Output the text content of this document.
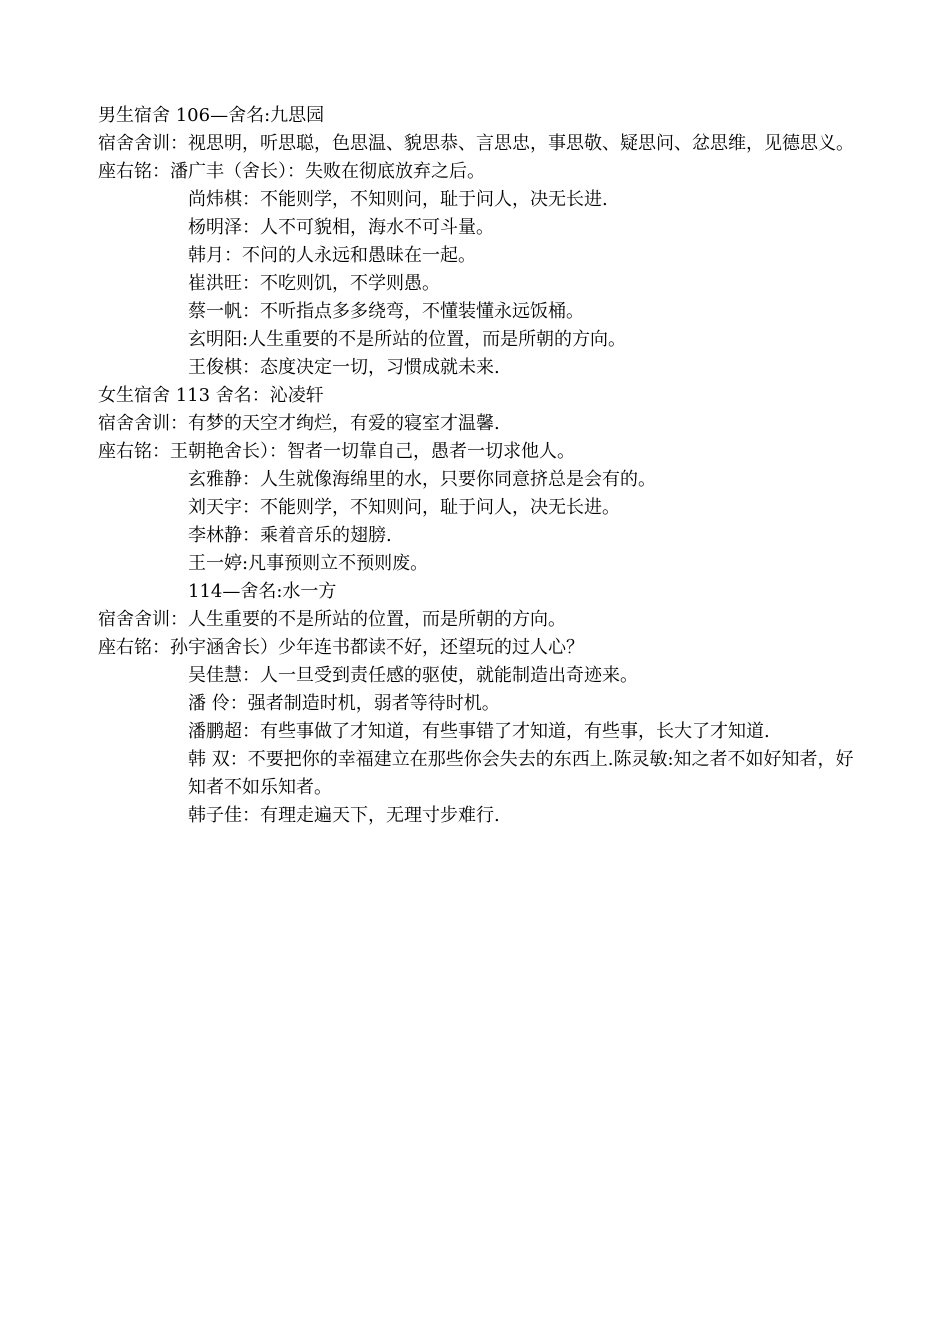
男生宿舍 106—舍名:九思园
宿舍舍训：视思明，听思聪，色思温、貌思恭、言思忠，事思敬、疑思问、忿思维，见德思义。
座右铭：潘广丰（舍长）：失败在彻底放弃之后。
尚炜棋：不能则学，不知则问，耻于问人，决无长进.
杨明泽：人不可貌相，海水不可斗量。
韩月：不问的人永远和愚昧在一起。
崔洪旺：不吃则饥，不学则愚。
蔡一帆：不听指点多多绕弯，不懂装懂永远饭桶。
玄明阳:人生重要的不是所站的位置，而是所朝的方向。
王俊棋：态度决定一切，习惯成就未来.
女生宿舍 113 舍名：沁凌轩
宿舍舍训：有梦的天空才绚烂，有爱的寝室才温馨.
座右铭：王朝艳舍长）：智者一切靠自己，愚者一切求他人。
玄雅静：人生就像海绵里的水，只要你同意挤总是会有的。
刘天宇：不能则学，不知则问，耻于问人，决无长进。
李林静：乘着音乐的翅膀.
王一婷:凡事预则立不预则废。
114—舍名:水一方
宿舍舍训：人生重要的不是所站的位置，而是所朝的方向。
座右铭：孙宇涵舍长）少年连书都读不好，还望玩的过人心？
吴佳慧：人一旦受到责任感的驱使，就能制造出奇迹来。
潘 伶：强者制造时机，弱者等待时机。
潘鹏超：有些事做了才知道，有些事错了才知道，有些事，长大了才知道.
韩 双：不要把你的幸福建立在那些你会失去的东西上.陈灵敏:知之者不如好知者，好知者不如乐知者。
韩子佳：有理走遍天下，无理寸步难行.
